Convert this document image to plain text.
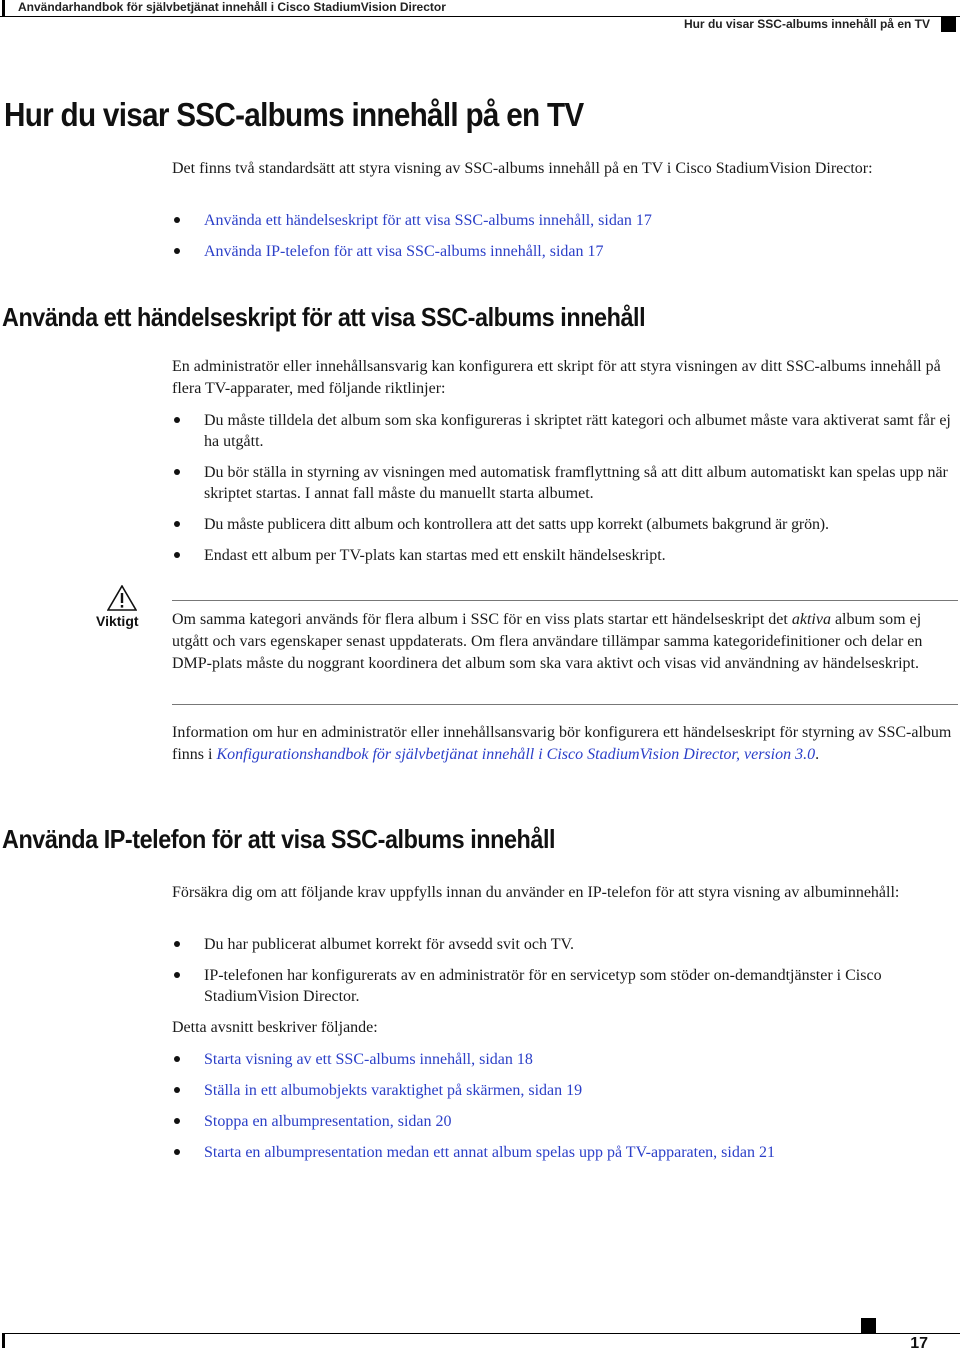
Användarhandbok för självbetjänat innehåll i Cisco StadiumVision Director
Hur du visar SSC-albums innehåll på en TV
Hur du visar SSC-albums innehåll på en TV

Det finns två standardsätt att styra visning av SSC-albums innehåll på en TV i Cisco StadiumVision Director:

Använda ett händelseskript för att visa SSC-albums innehåll, sidan 17
Använda IP-telefon för att visa SSC-albums innehåll, sidan 17
Använda ett händelseskript för att visa SSC-albums innehåll

En administratör eller innehållsansvarig kan konfigurera ett skript för att styra visningen av ditt SSC-albums innehåll på flera TV-apparater, med följande riktlinjer:

Du måste tilldela det album som ska konfigureras i skriptet rätt kategori och albumet måste vara aktiverat samt får ej ha utgått.
Du bör ställa in styrning av visningen med automatisk framflyttning så att ditt album automatiskt kan spelas upp när skriptet startas. I annat fall måste du manuellt starta albumet.
Du måste publicera ditt album och kontrollera att det satts upp korrekt (albumets bakgrund är grön).
Endast ett album per TV-plats kan startas med ett enskilt händelseskript.
Viktigt Om samma kategori används för flera album i SSC för en viss plats startar ett händelseskript det aktiva album som ej utgått och vars egenskaper senast uppdaterats. Om flera användare tillämpar samma kategoridefinitioner och delar en DMP-plats måste du noggrant koordinera det album som ska vara aktivt och visas vid användning av händelseskript.

Information om hur en administratör eller innehållsansvarig bör konfigurera ett händelseskript för styrning av SSC-album finns i Konfigurationshandbok för självbetjänat innehåll i Cisco StadiumVision Director, version 3.0.

Använda IP-telefon för att visa SSC-albums innehåll

Försäkra dig om att följande krav uppfylls innan du använder en IP-telefon för att styra visning av albuminnehåll:

Du har publicerat albumet korrekt för avsedd svit och TV.
IP-telefonen har konfigurerats av en administratör för en servicetyp som stöder on-demandtjänster i Cisco StadiumVision Director.

Detta avsnitt beskriver följande:

Starta visning av ett SSC-albums innehåll, sidan 18
Ställa in ett albumobjekts varaktighet på skärmen, sidan 19
Stoppa en albumpresentation, sidan 20
Starta en albumpresentation medan ett annat album spelas upp på TV-apparaten, sidan 21
17
